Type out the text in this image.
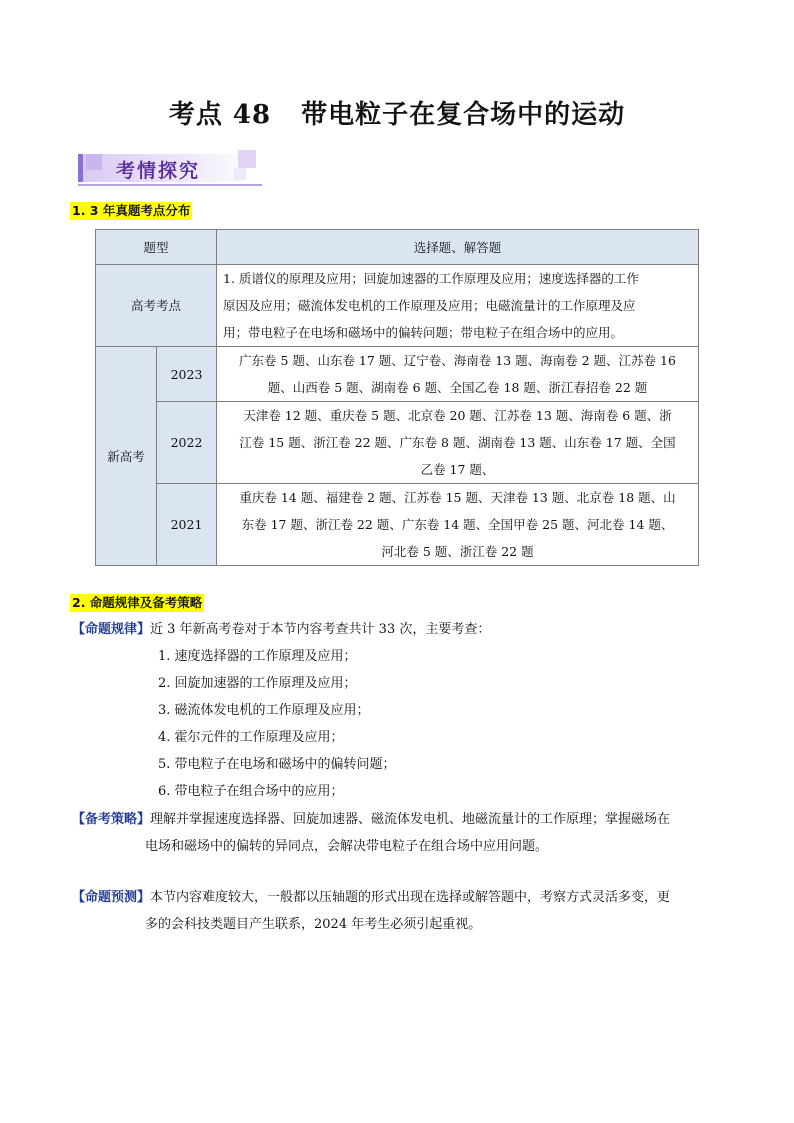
考点 48 带电粒子在复合场中的运动
考情探究
1. 3 年真题考点分布
题型		选择题、解答题
高考考点		1. 质谱仪的原理及应用；回旋加速器的工作原理及应用；速度选择器的工作
原因及应用；磁流体发电机的工作原理及应用；电磁流量计的工作原理及应
用；带电粒子在电场和磁场中的偏转问题；带电粒子在组合场中的应用。

新高考	2023	广东卷 5 题、山东卷 17 题、辽宁卷、海南卷 13 题、海南卷 2 题、江苏卷 16
题、山西卷 5 题、湖南卷 6 题、全国乙卷 18 题、浙江春招卷 22 题

	2022	天津卷 12 题、重庆卷 5 题、北京卷 20 题、江苏卷 13 题、海南卷 6 题、浙
江卷 15 题、浙江卷 22 题、广东卷 8 题、湖南卷 13 题、山东卷 17 题、全国
乙卷 17 题、

	2021	重庆卷 14 题、福建卷 2 题、江苏卷 15 题、天津卷 13 题、北京卷 18 题、山
东卷 17 题、浙江卷 22 题、广东卷 14 题、全国甲卷 25 题、河北卷 14 题、
河北卷 5 题、浙江卷 22 题
2. 命题规律及备考策略
【命题规律】近 3 年新高考卷对于本节内容考查共计 33 次，主要考查：
1. 速度选择器的工作原理及应用；
2. 回旋加速器的工作原理及应用；
3. 磁流体发电机的工作原理及应用；
4. 霍尔元件的工作原理及应用；
5. 带电粒子在电场和磁场中的偏转问题；
6. 带电粒子在组合场中的应用；
【备考策略】理解并掌握速度选择器、回旋加速器、磁流体发电机、地磁流量计的工作原理；掌握磁场在
电场和磁场中的偏转的异同点，会解决带电粒子在组合场中应用问题。
【命题预测】本节内容难度较大，一般都以压轴题的形式出现在选择或解答题中，考察方式灵活多变，更
多的会科技类题目产生联系，2024 年考生必须引起重视。
